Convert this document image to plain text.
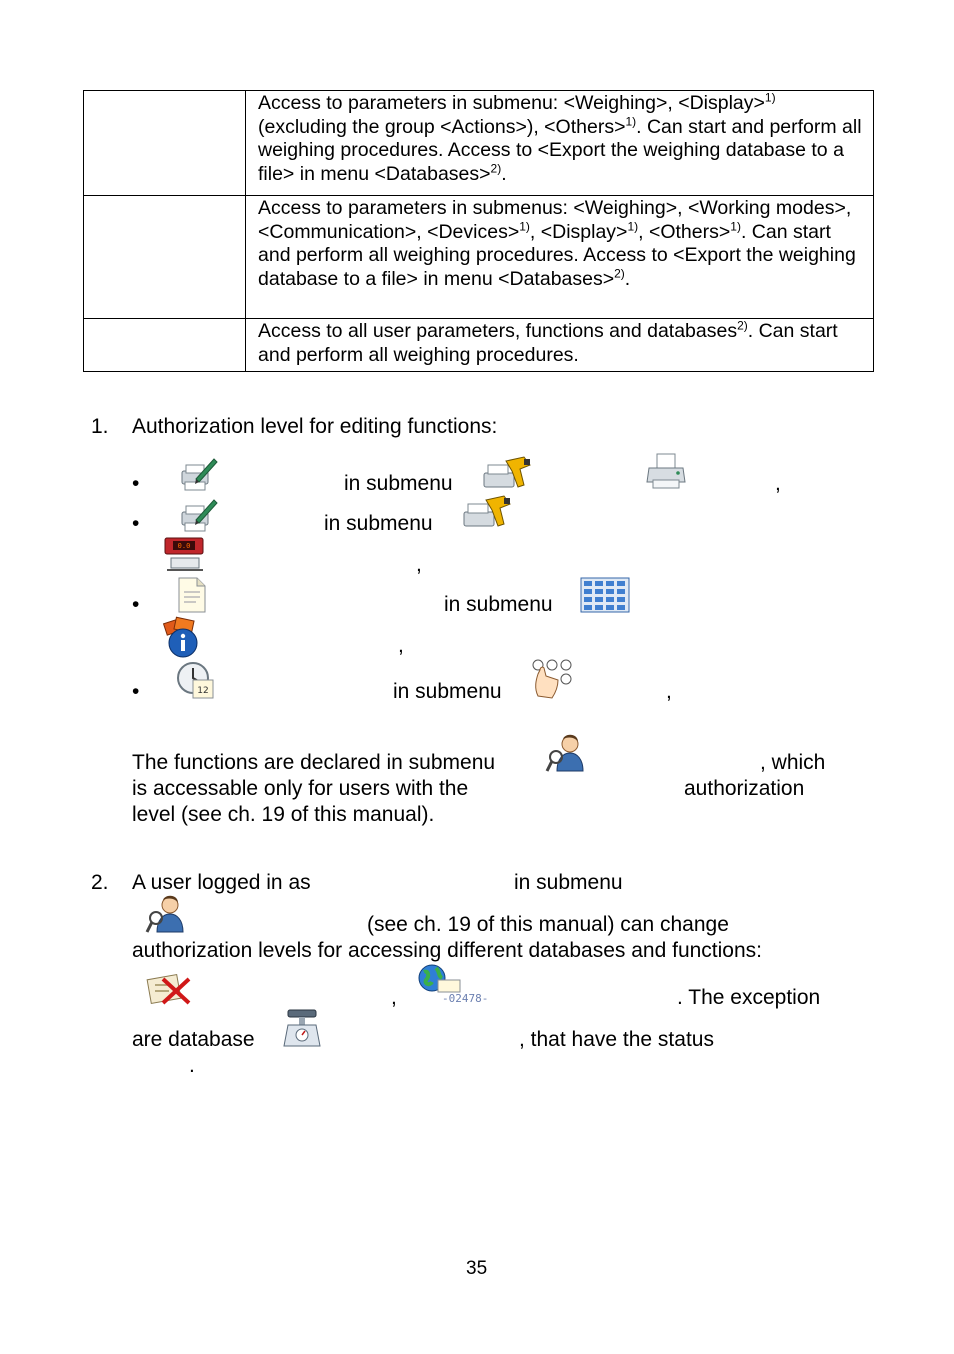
	Access to parameters in submenu: <Weighing>, <Display>$^{1)}$ (excluding the group <Actions>), <Others>$^{1)}$. Can start and perform all weighing procedures. Access to <Export the weighing database to a file> in menu <Databases>$^{2)}$.
	Access to parameters in submenus: <Weighing>, <Working modes>, <Communication>, <Devices>$^{1)}$, <Display>$^{1)}$, <Others>$^{1)}$. Can start and perform all weighing procedures. Access to <Export the weighing database to a file> in menu <Databases>$^{2)}$.
	Access to all user parameters, functions and databases$^{2)}$. Can start and perform all weighing procedures.
1. Authorization level for editing functions:
•	in submenu	,
•	in submenu
0.0
,
•	in submenu
,
•	12	in submenu	,
The functions are declared in submenu	, which
is accessable only for users with the	authorization
level (see ch. 19 of this manual).
2. A user logged in as	in submenu
(see ch. 19 of this manual) can change
authorization levels for accessing different databases and functions:
,	-02478-	. The exception
are database	, that have the status
.
35
